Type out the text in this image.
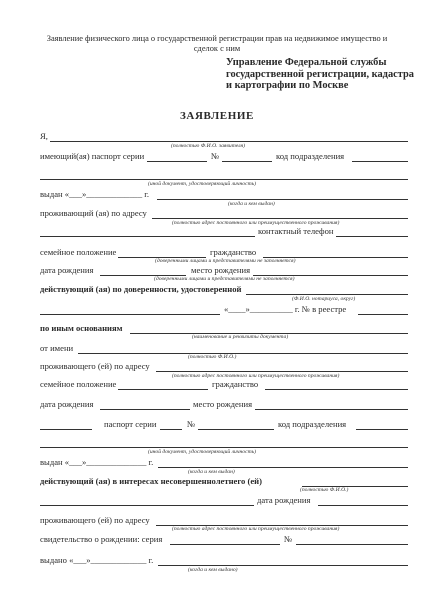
Заявление физического лица о государственной регистрации прав на недвижимое имущество и
сделок с ним
Управление Федеральной службы
государственной регистрации, кадастра
и картографии по Москве
ЗАЯВЛЕНИЕ
Я,
(полностью Ф.И.О. заявителя)
имеющий(ая) паспорт серии	№	код подразделения
(иной документ, удостоверяющий личность)
выдан «___»_____________ г.
(когда и кем выдан)
проживающий (ая) по адресу
(полностью адрес постоянного или преимущественного проживания)
контактный телефон
семейное положение	гражданство
(доверенными лицами и представителями не заполняется)
дата рождения	место рождения
(доверенными лицами и представителями не заполняется)
действующий (ая) по доверенности, удостоверенной
(Ф.И.О. нотариуса, округ)
«____»__________ г. № в реестре
по иным основаниям
(наименование и реквизиты документа)
от имени
(полностью Ф.И.О.)
проживающего (ей) по адресу
(полностью адрес постоянного или преимущественного проживания)
семейное положение	гражданство
дата рождения	место рождения
паспорт серии	№	код подразделения
(иной документ, удостоверяющий личность)
выдан «___»______________ г.
(когда и кем выдан)
действующий (ая) в интересах несовершеннолетнего (ей)
(полностью Ф.И.О.)
дата рождения
проживающего (ей) по адресу
(полностью адрес постоянного или преимущественного проживания)
свидетельство о рождении: серия	№
выдано «___»_____________ г.
(когда и кем выдано)
